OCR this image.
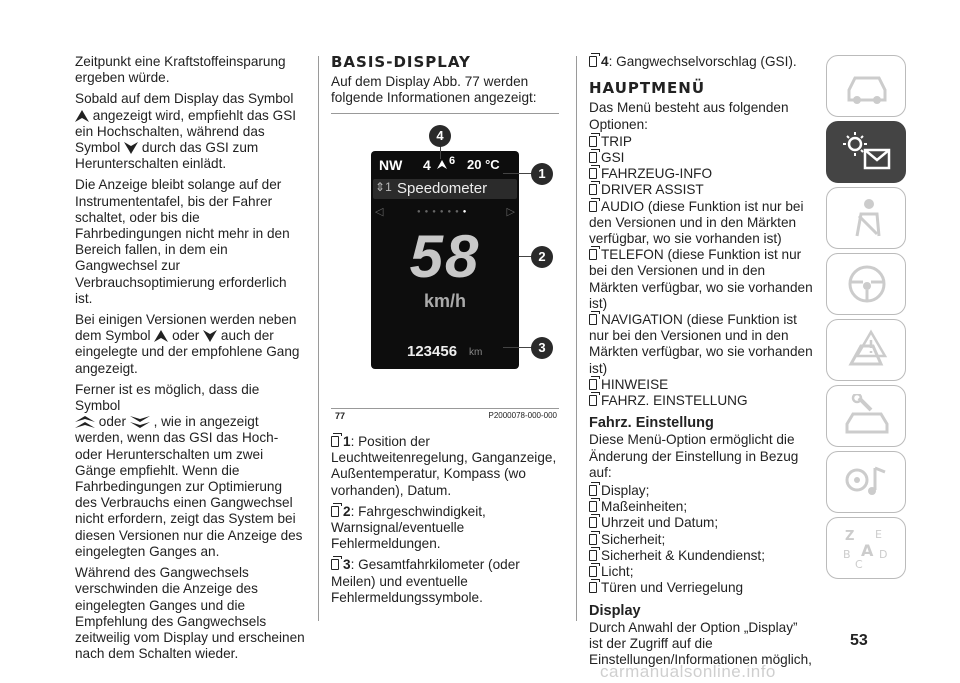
Zeitpunkt eine Kraftstoffeinsparung ergeben würde.

Sobald auf dem Display das Symbol
angezeigt wird, empfiehlt das GSI ein Hochschalten, während das Symbol durch das GSI zum Herunterschalten einlädt.

Die Anzeige bleibt solange auf der Instrumententafel, bis der Fahrer schaltet, oder bis die Fahrbedingungen nicht mehr in den Bereich fallen, in dem ein Gangwechsel zur Verbrauchsoptimierung erforderlich ist.

Bei einigen Versionen werden neben dem Symbol oder auch der eingelegte und der empfohlene Gang angezeigt.

Ferner ist es möglich, dass die Symbol
oder , wie in angezeigt werden, wenn das GSI das Hoch- oder Herunterschalten um zwei Gänge empfiehlt. Wenn die Fahrbedingungen zur Optimierung des Verbrauchs einen Gangwechsel nicht erfordern, zeigt das System bei diesen Versionen nur die Anzeige des eingelegten Ganges an.

Während des Gangwechsels verschwinden die Anzeige des eingelegten Ganges und die Empfehlung des Gangwechsels zeitweilig vom Display und erscheinen nach dem Schalten wieder.

BASIS-DISPLAY

Auf dem Display Abb. 77 werden folgende Informationen angezeigt:

NW 4 6 20 °C
⇕1 Speedometer
◁	▷
●●●●●●●
58
km/h
123456 km
1
2
3
4
77	P2000078-000-000

1: Position der Leuchtweitenregelung, Ganganzeige, Außentemperatur, Kompass (wo vorhanden), Datum.

2: Fahrgeschwindigkeit, Warnsignal/eventuelle Fehlermeldungen.

3: Gesamtfahrkilometer (oder Meilen) und eventuelle Fehlermeldungssymbole.

4: Gangwechselvorschlag (GSI).

HAUPTMENÜ

Das Menü besteht aus folgenden Optionen:

TRIP
GSI
FAHRZEUG-INFO
DRIVER ASSIST
AUDIO (diese Funktion ist nur bei den Versionen und in den Märkten verfügbar, wo sie vorhanden ist)
TELEFON (diese Funktion ist nur bei den Versionen und in den Märkten verfügbar, wo sie vorhanden ist)
NAVIGATION (diese Funktion ist nur bei den Versionen und in den Märkten verfügbar, wo sie vorhanden ist)
HINWEISE
FAHRZ. EINSTELLUNG
Fahrz. Einstellung

Diese Menü-Option ermöglicht die Änderung der Einstellung in Bezug auf:

Display;
Maßeinheiten;
Uhrzeit und Datum;
Sicherheit;
Sicherheit & Kundendienst;
Licht;
Türen und Verriegelung
Display

Durch Anwahl der Option „Display” ist der Zugriff auf die Einstellungen/Informationen möglich,

Z E
B A D
C
53
carmanualsonline.info
